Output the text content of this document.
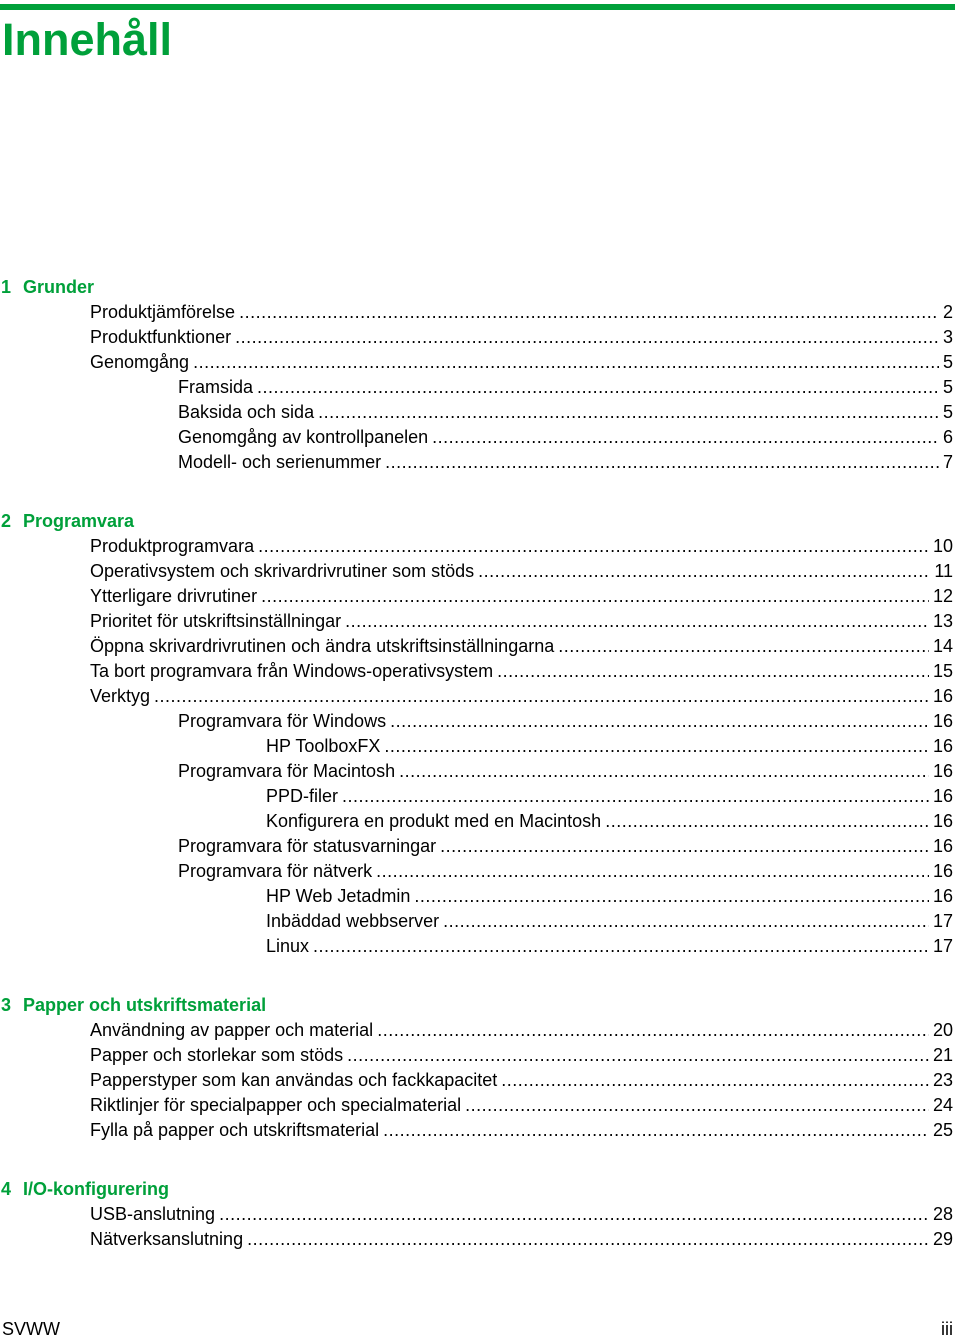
Innehåll
1 Grunder
Produktjämförelse .....	2
Produktfunktioner .....	3
Genomgång .....	5
Framsida .....	5
Baksida och sida .....	5
Genomgång av kontrollpanelen .....	6
Modell- och serienummer .....	7
2 Programvara
Produktprogramvara .....	10
Operativsystem och skrivardrivrutiner som stöds .....	11
Ytterligare drivrutiner .....	12
Prioritet för utskriftsinställningar .....	13
Öppna skrivardrivrutinen och ändra utskriftsinställningarna .....	14
Ta bort programvara från Windows-operativsystem .....	15
Verktyg .....	16
Programvara för Windows .....	16
HP ToolboxFX .....	16
Programvara för Macintosh .....	16
PPD-filer .....	16
Konfigurera en produkt med en Macintosh .....	16
Programvara för statusvarningar .....	16
Programvara för nätverk .....	16
HP Web Jetadmin .....	16
Inbäddad webbserver .....	17
Linux .....	17
3 Papper och utskriftsmaterial
Användning av papper och material .....	20
Papper och storlekar som stöds .....	21
Papperstyper som kan användas och fackkapacitet .....	23
Riktlinjer för specialpapper och specialmaterial .....	24
Fylla på papper och utskriftsmaterial .....	25
4 I/O-konfigurering
USB-anslutning .....	28
Nätverksanslutning .....	29
SVWW	iii
